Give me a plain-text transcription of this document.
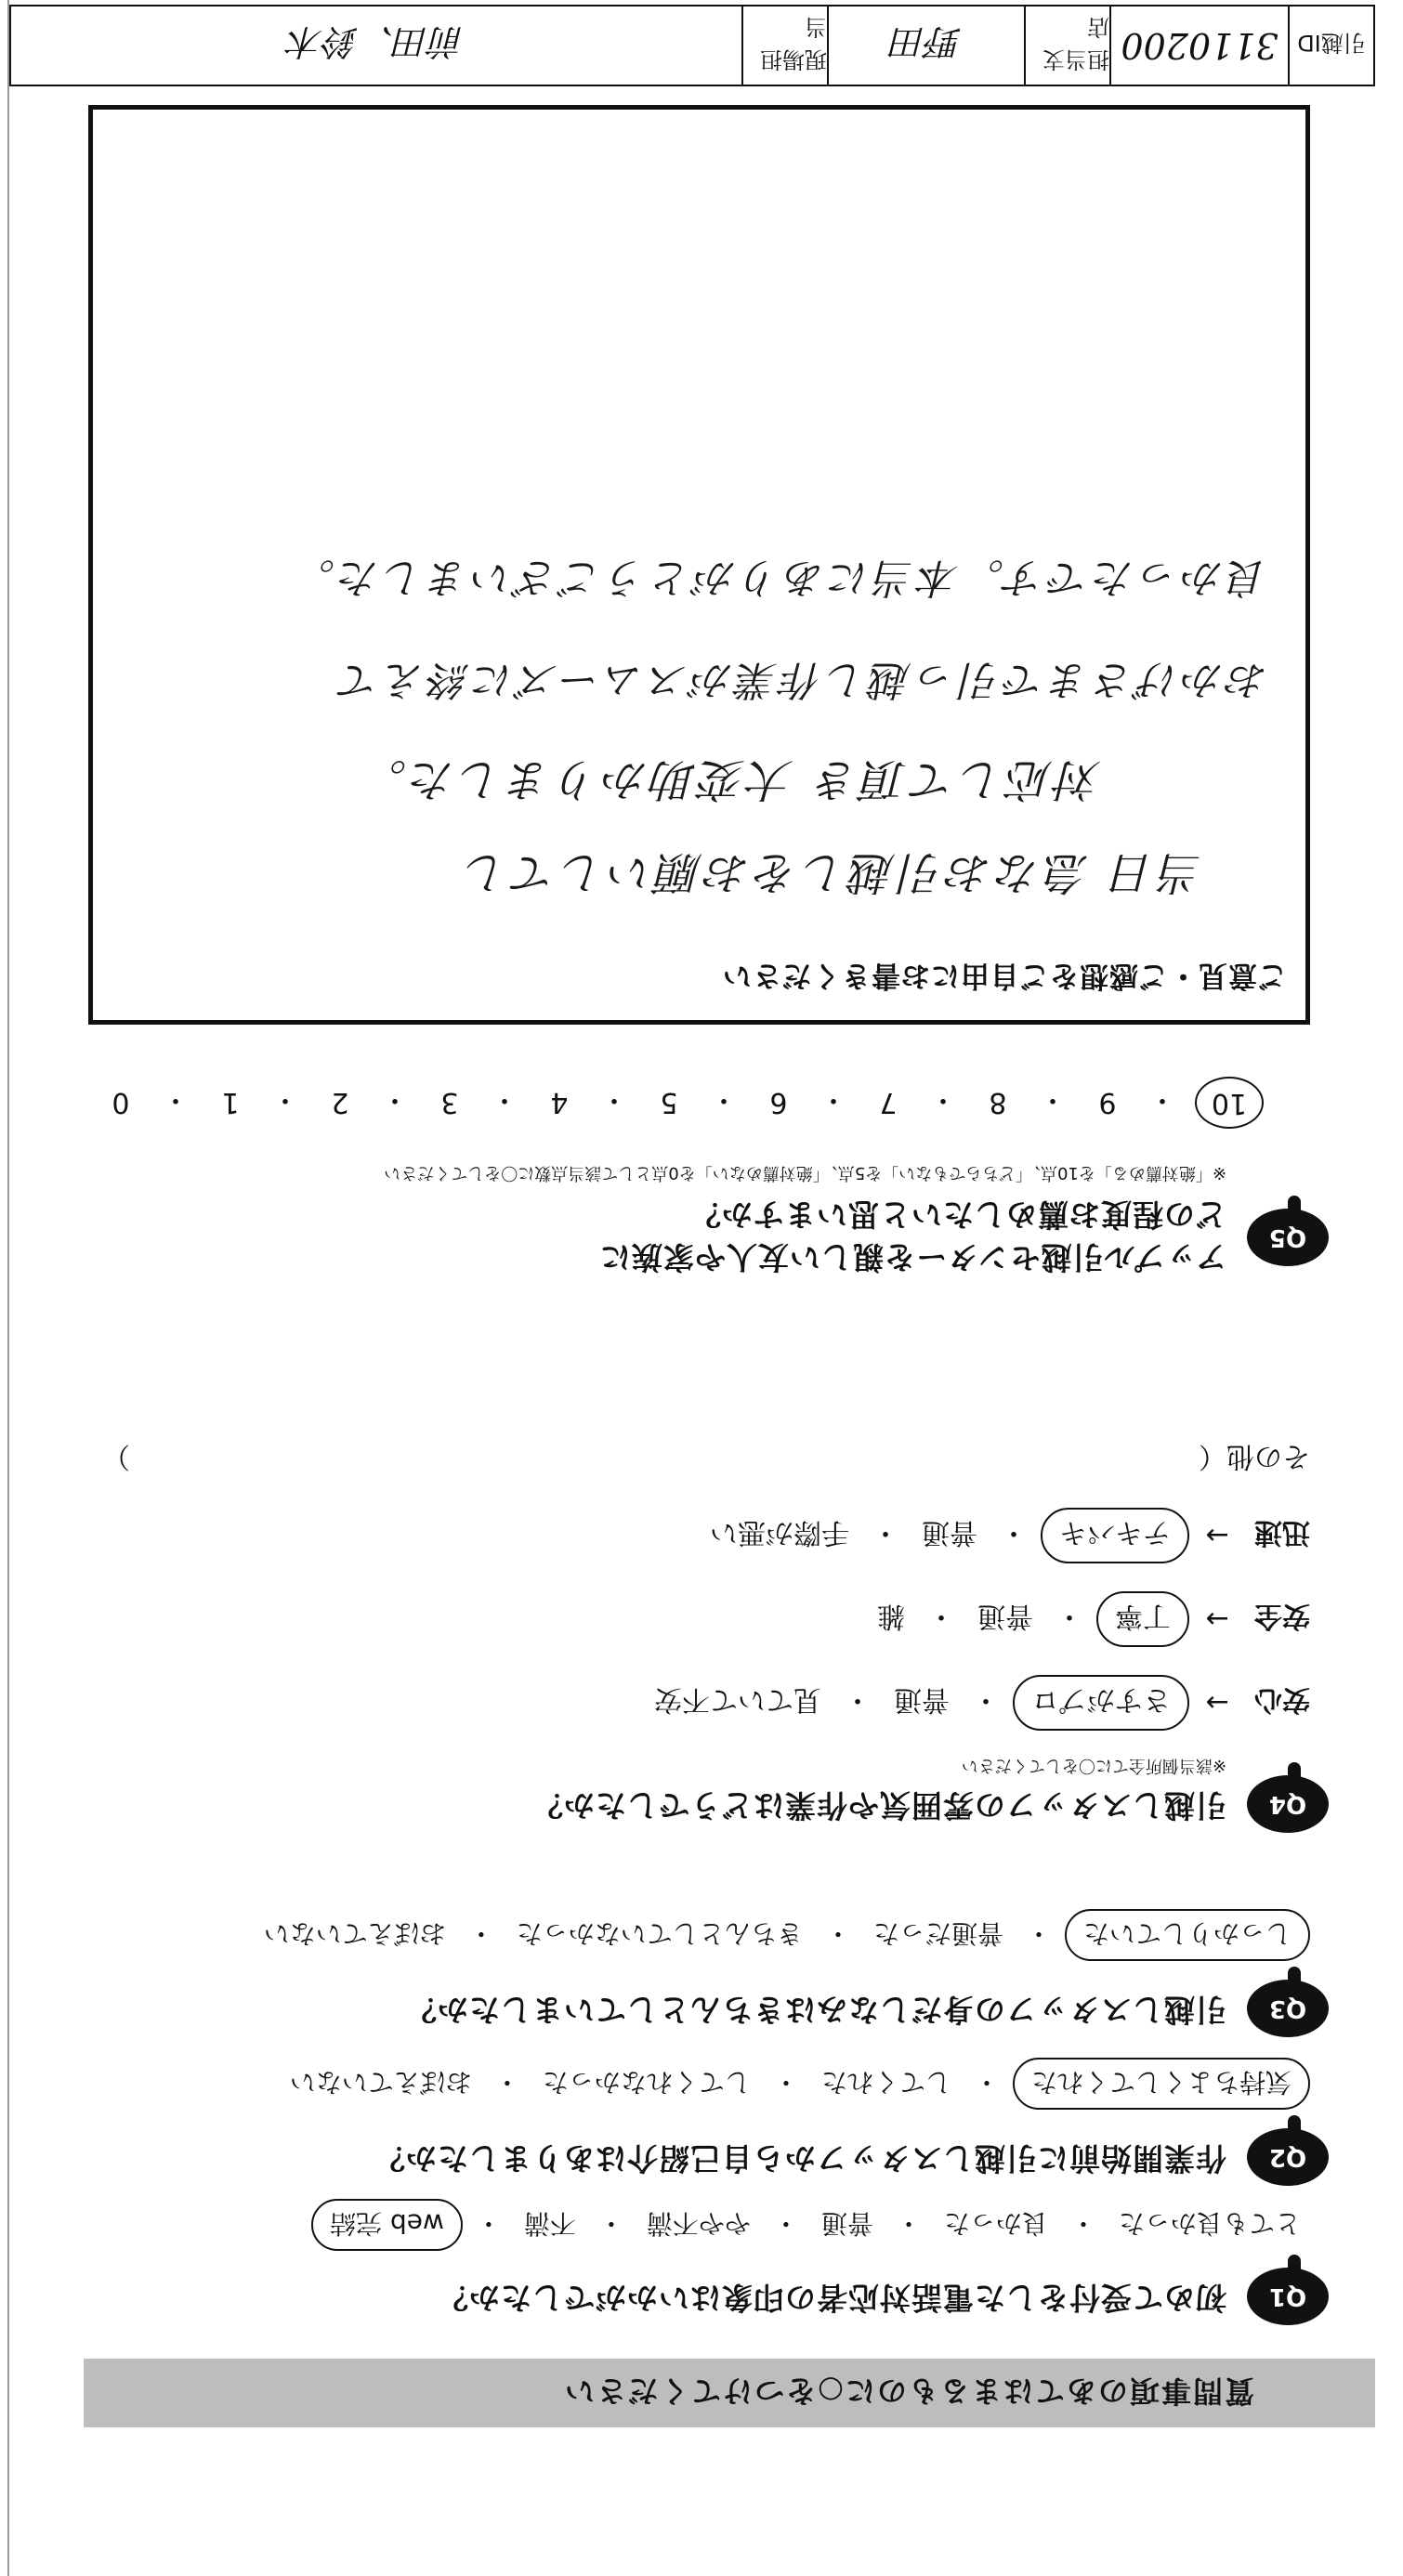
質問事項のあてはまるものに○をつけてください
Q1
初めて受付をした電話対応者の印象はいかがでしたか？
とても良かった
・
良かった
・
普通
・
やや不満
・
不満
・
web 完結
Q2
作業開始前に引越しスタッフから自己紹介はありましたか？
気持ちよくしてくれた
・
してくれた
・
してくれなかった
・
おぼえていない
Q3
引越しスタッフの身だしなみはきちんとしていましたか？
しっかりしていた
・
普通だった
・
きちんとしていなかった
・
おぼえていない
Q4
引越しスタッフの雰囲気や作業はどうでしたか？
※該当個所全てに〇をしてください
安心
→
さすがプロ
・
普通
・
見ていて不安
安全
→
丁寧
・
普通
・
雑
迅速
→
テキパキ
・
普通
・
手際が悪い
その他（
）
Q5
アップル引越センターを親しい友人や家族に
どの程度お薦めしたいと思いますか？
※「絶対薦める」を10点、「どちらでもない」を5点、「絶対薦めない」を0点として該当点数に〇をしてください
10
・
9
・
8
・
7
・
6
・
5
・
4
・
3
・
2
・
1
・
0
ご意見・ご感想をご自由にお書きください
当日 急なお引越しをお願いしてし
対応して頂き 大変助かりました。
おかげさまで引っ越し作業がスムーズに終えて
良かったです。本当にありがとうございました。
引越ID
3110200
担当支店
野田
現場担当
前田、鈴木
